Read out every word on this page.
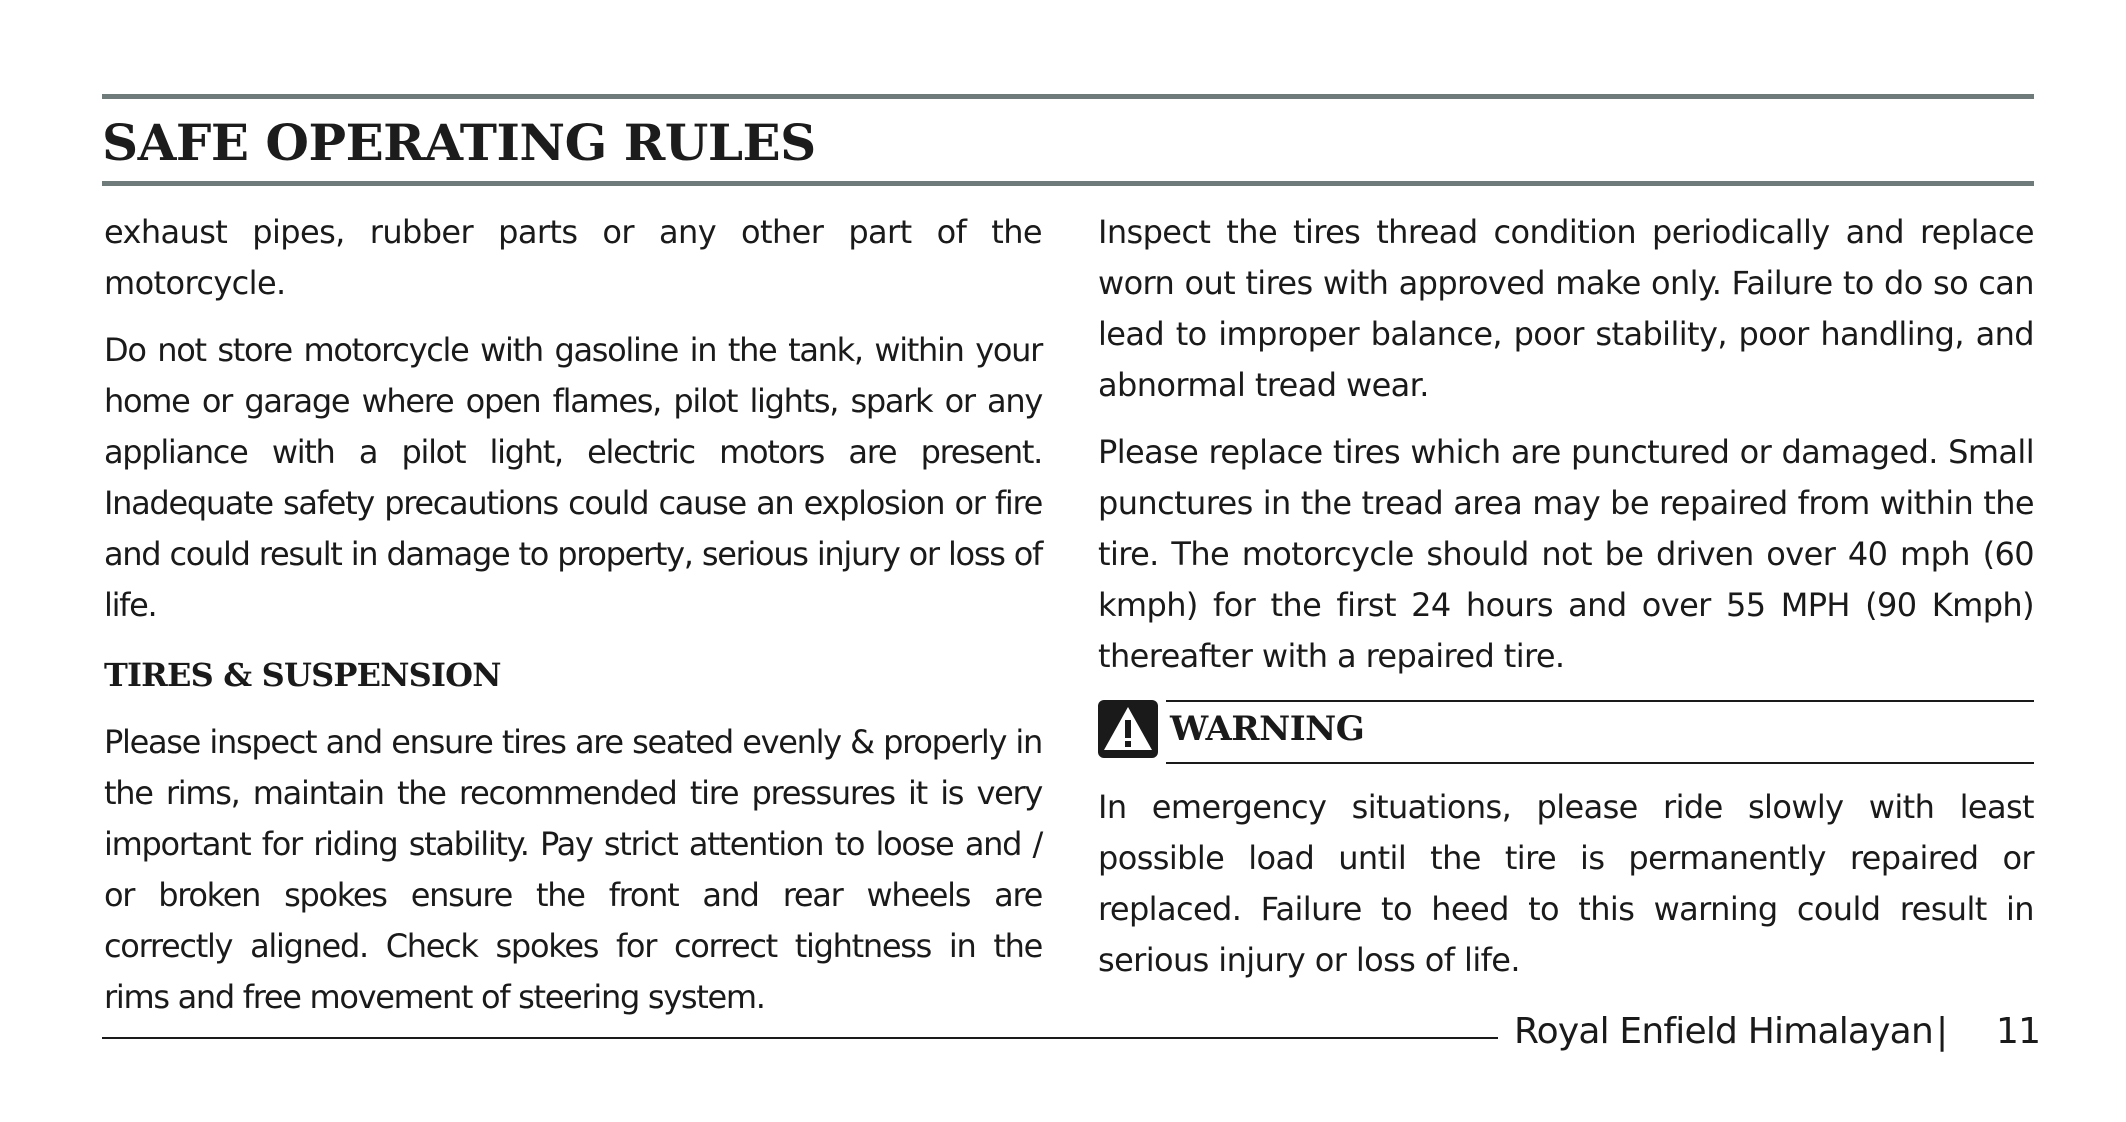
SAFE OPERATING RULES

exhaust pipes, rubber parts or any other part of the motorcycle.

Do not store motorcycle with gasoline in the tank, within your home or garage where open flames, pilot lights, spark or any appliance with a pilot light, electric motors are present. Inadequate safety precautions could cause an explosion or fire and could result in damage to property, serious injury or loss of life.

TIRES & SUSPENSION

Please inspect and ensure tires are seated evenly & properly in the rims, maintain the recommended tire pressures it is very important for riding stability. Pay strict attention to loose and / or broken spokes ensure the front and rear wheels are correctly aligned. Check spokes for correct tightness in the rims and free movement of steering system.

Inspect the tires thread condition periodically and replace worn out tires with approved make only. Failure to do so can lead to improper balance, poor stability, poor handling, and abnormal tread wear.

Please replace tires which are punctured or damaged. Small punctures in the tread area may be repaired from within the tire. The motorcycle should not be driven over 40 mph (60 kmph) for the first 24 hours and over 55 MPH (90 Kmph) thereafter with a repaired tire.

WARNING

In emergency situations, please ride slowly with least possible load until the tire is permanently repaired or replaced. Failure to heed to this warning could result in serious injury or loss of life.

Royal Enfield Himalayan | 11
